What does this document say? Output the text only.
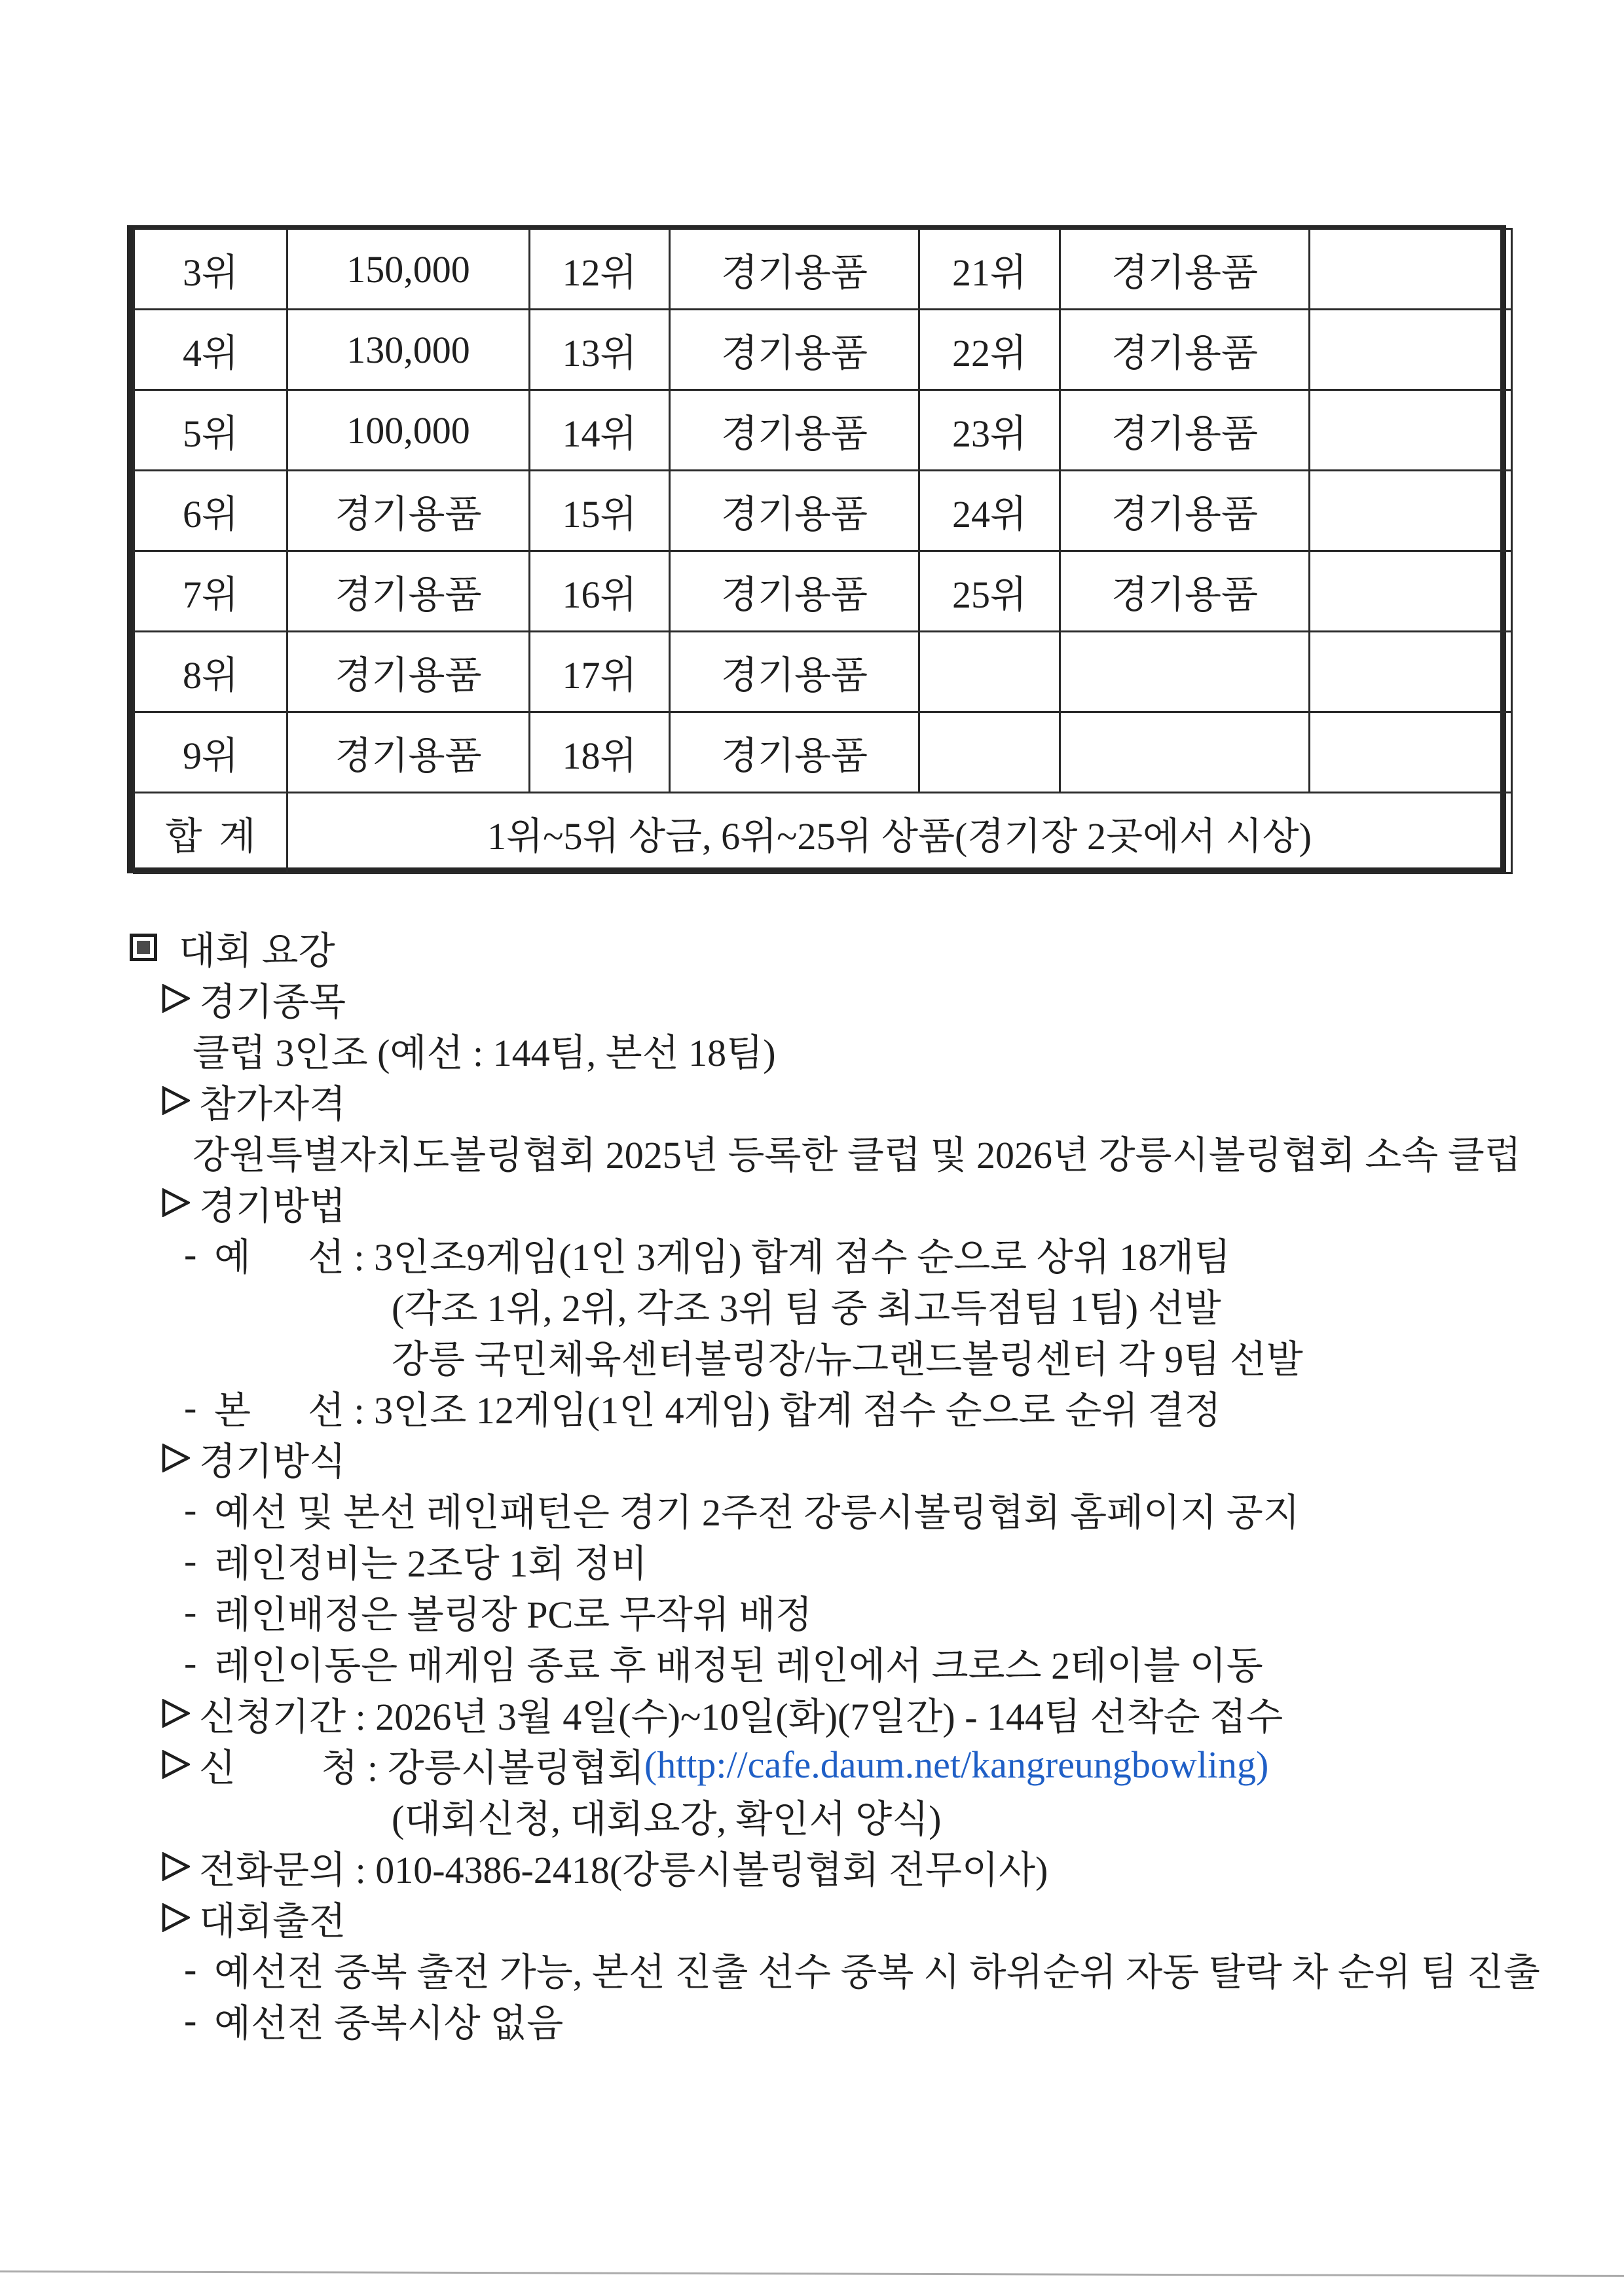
3위	150,000	12위	경기용품	21위	경기용품	
4위	130,000	13위	경기용품	22위	경기용품	
5위	100,000	14위	경기용품	23위	경기용품	
6위	경기용품	15위	경기용품	24위	경기용품	
7위	경기용품	16위	경기용품	25위	경기용품	
8위	경기용품	17위	경기용품			
9위	경기용품	18위	경기용품			
합계	1위~5위 상금, 6위~25위 상품(경기장 2곳에서 시상)					
대회 요강
경기종목
클럽 3인조 (예선 : 144팀, 본선 18팀)
참가자격
강원특별자치도볼링협회 2025년 등록한 클럽 및 2026년 강릉시볼링협회 소속 클럽
경기방법
- 예      선 : 3인조9게임(1인 3게임) 합계 점수 순으로 상위 18개팀
(각조 1위, 2위, 각조 3위 팀 중 최고득점팀 1팀) 선발
강릉 국민체육센터볼링장/뉴그랜드볼링센터 각 9팀 선발
- 본      선 : 3인조 12게임(1인 4게임) 합계 점수 순으로 순위 결정
경기방식
- 예선 및 본선 레인패턴은 경기 2주전 강릉시볼링협회 홈페이지 공지
- 레인정비는 2조당 1회 정비
- 레인배정은 볼링장 PC로 무작위 배정
- 레인이동은 매게임 종료 후 배정된 레인에서 크로스 2테이블 이동
신청기간 : 2026년 3월 4일(수)~10일(화)(7일간) - 144팀 선착순 접수
신         청 : 강릉시볼링협회 (http://cafe.daum.net/kangreungbowling)
(대회신청, 대회요강, 확인서 양식)
전화문의 : 010-4386-2418(강릉시볼링협회 전무이사)
대회출전
- 예선전 중복 출전 가능, 본선 진출 선수 중복 시 하위순위 자동 탈락 차 순위 팀 진출
- 예선전 중복시상 없음
